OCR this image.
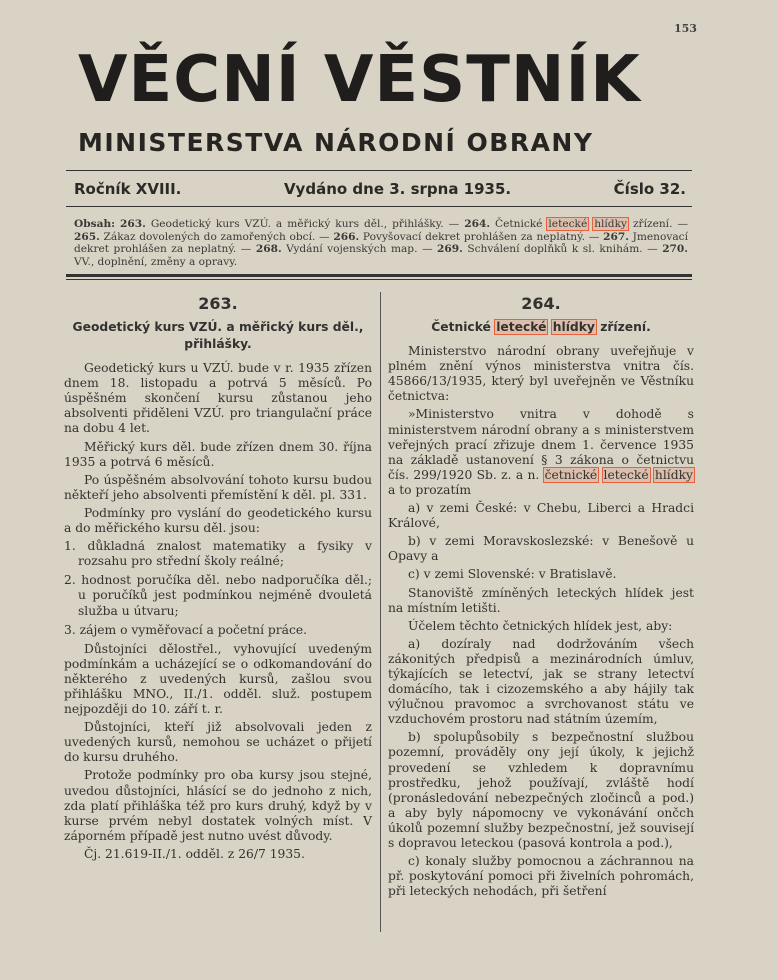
153
VĚCNÍ VĚSTNÍK
MINISTERSTVA NÁRODNÍ OBRANY
Ročník XVIII.	Vydáno dne 3. srpna 1935.	Číslo 32.
Obsah: 263. Geodetický kurs VZÚ. a měřický kurs děl., přihlášky. — 264. Četnické letecké hlídky zřízení. — 265. Zákaz dovolených do zamořených obcí. — 266. Povyšovací dekret prohlášen za neplatný. — 267. Jmenovací dekret prohlášen za neplatný. — 268. Vydání vojenských map. — 269. Schválení doplňků k sl. knihám. — 270. VV., doplnění, změny a opravy.
263.
Geodetický kurs VZÚ. a měřický kurs děl., přihlášky.

Geodetický kurs u VZÚ. bude v r. 1935 zřízen dnem 18. listopadu a potrvá 5 měsíců. Po úspěšném skončení kursu zůstanou jeho absolventi přiděleni VZÚ. pro triangulační práce na dobu 4 let.

Měřický kurs děl. bude zřízen dnem 30. října 1935 a potrvá 6 měsíců.

Po úspěšném absolvování tohoto kursu budou někteří jeho absolventi přemístění k děl. pl. 331.

Podmínky pro vyslání do geodetického kursu a do měřického kursu děl. jsou:

1. důkladná znalost matematiky a fysiky v rozsahu pro střední školy reálné;
2. hodnost poručíka děl. nebo nadporučíka děl.; u poručíků jest podmínkou nejméně dvouletá služba u útvaru;
3. zájem o vyměřovací a početní práce.

Důstojníci dělostřel., vyhovující uvedeným podmínkám a ucházející se o odkomandování do některého z uvedených kursů, zašlou svou přihlášku MNO., II./1. odděl. služ. postupem nejpozději do 10. září t. r.

Důstojníci, kteří již absolvovali jeden z uvedených kursů, nemohou se ucházet o přijetí do kursu druhého.

Protože podmínky pro oba kursy jsou stejné, uvedou důstojníci, hlásící se do jednoho z nich, zda platí přihláška též pro kurs druhý, když by v kurse prvém nebyl dostatek volných míst. V záporném případě jest nutno uvést důvody.

Čj. 21.619-II./1. odděl. z 26/7 1935.

264.
Četnické letecké hlídky zřízení.

Ministerstvo národní obrany uveřejňuje v plném znění výnos ministerstva vnitra čís. 45866/13/1935, který byl uveřejněn ve Věstníku četnictva:

»Ministerstvo vnitra v dohodě s ministerstvem národní obrany a s ministerstvem veřejných prací zřizuje dnem 1. července 1935 na základě ustanovení § 3 zákona o četnictvu čís. 299/1920 Sb. z. a n. četnické letecké hlídky a to prozatím

a) v zemi České: v Chebu, Liberci a Hradci Králové,

b) v zemi Moravskoslezské: v Benešově u Opavy a

c) v zemi Slovenské: v Bratislavě.

Stanoviště zmíněných leteckých hlídek jest na místním letišti.

Účelem těchto četnických hlídek jest, aby:

a) dozíraly nad dodržováním všech zákonitých předpisů a mezinárodních úmluv, týkajících se letectví, jak se strany letectví domácího, tak i cizozemského a aby hájily tak výlučnou pravomoc a svrchovanost státu ve vzduchovém prostoru nad státním územím,

b) spolupůsobily s bezpečnostní službou pozemní, prováděly ony její úkoly, k jejichž provedení se vzhledem k dopravnímu prostředku, jehož používají, zvláště hodí (pronásledování nebezpečných zločinců a pod.) a aby byly nápomocny ve vykonávání ončch úkolů pozemní služby bezpečnostní, jež souvisejí s dopravou leteckou (pasová kontrola a pod.),

c) konaly služby pomocnou a záchrannou na př. poskytování pomoci při živelních pohromách, při leteckých nehodách, při šetření
